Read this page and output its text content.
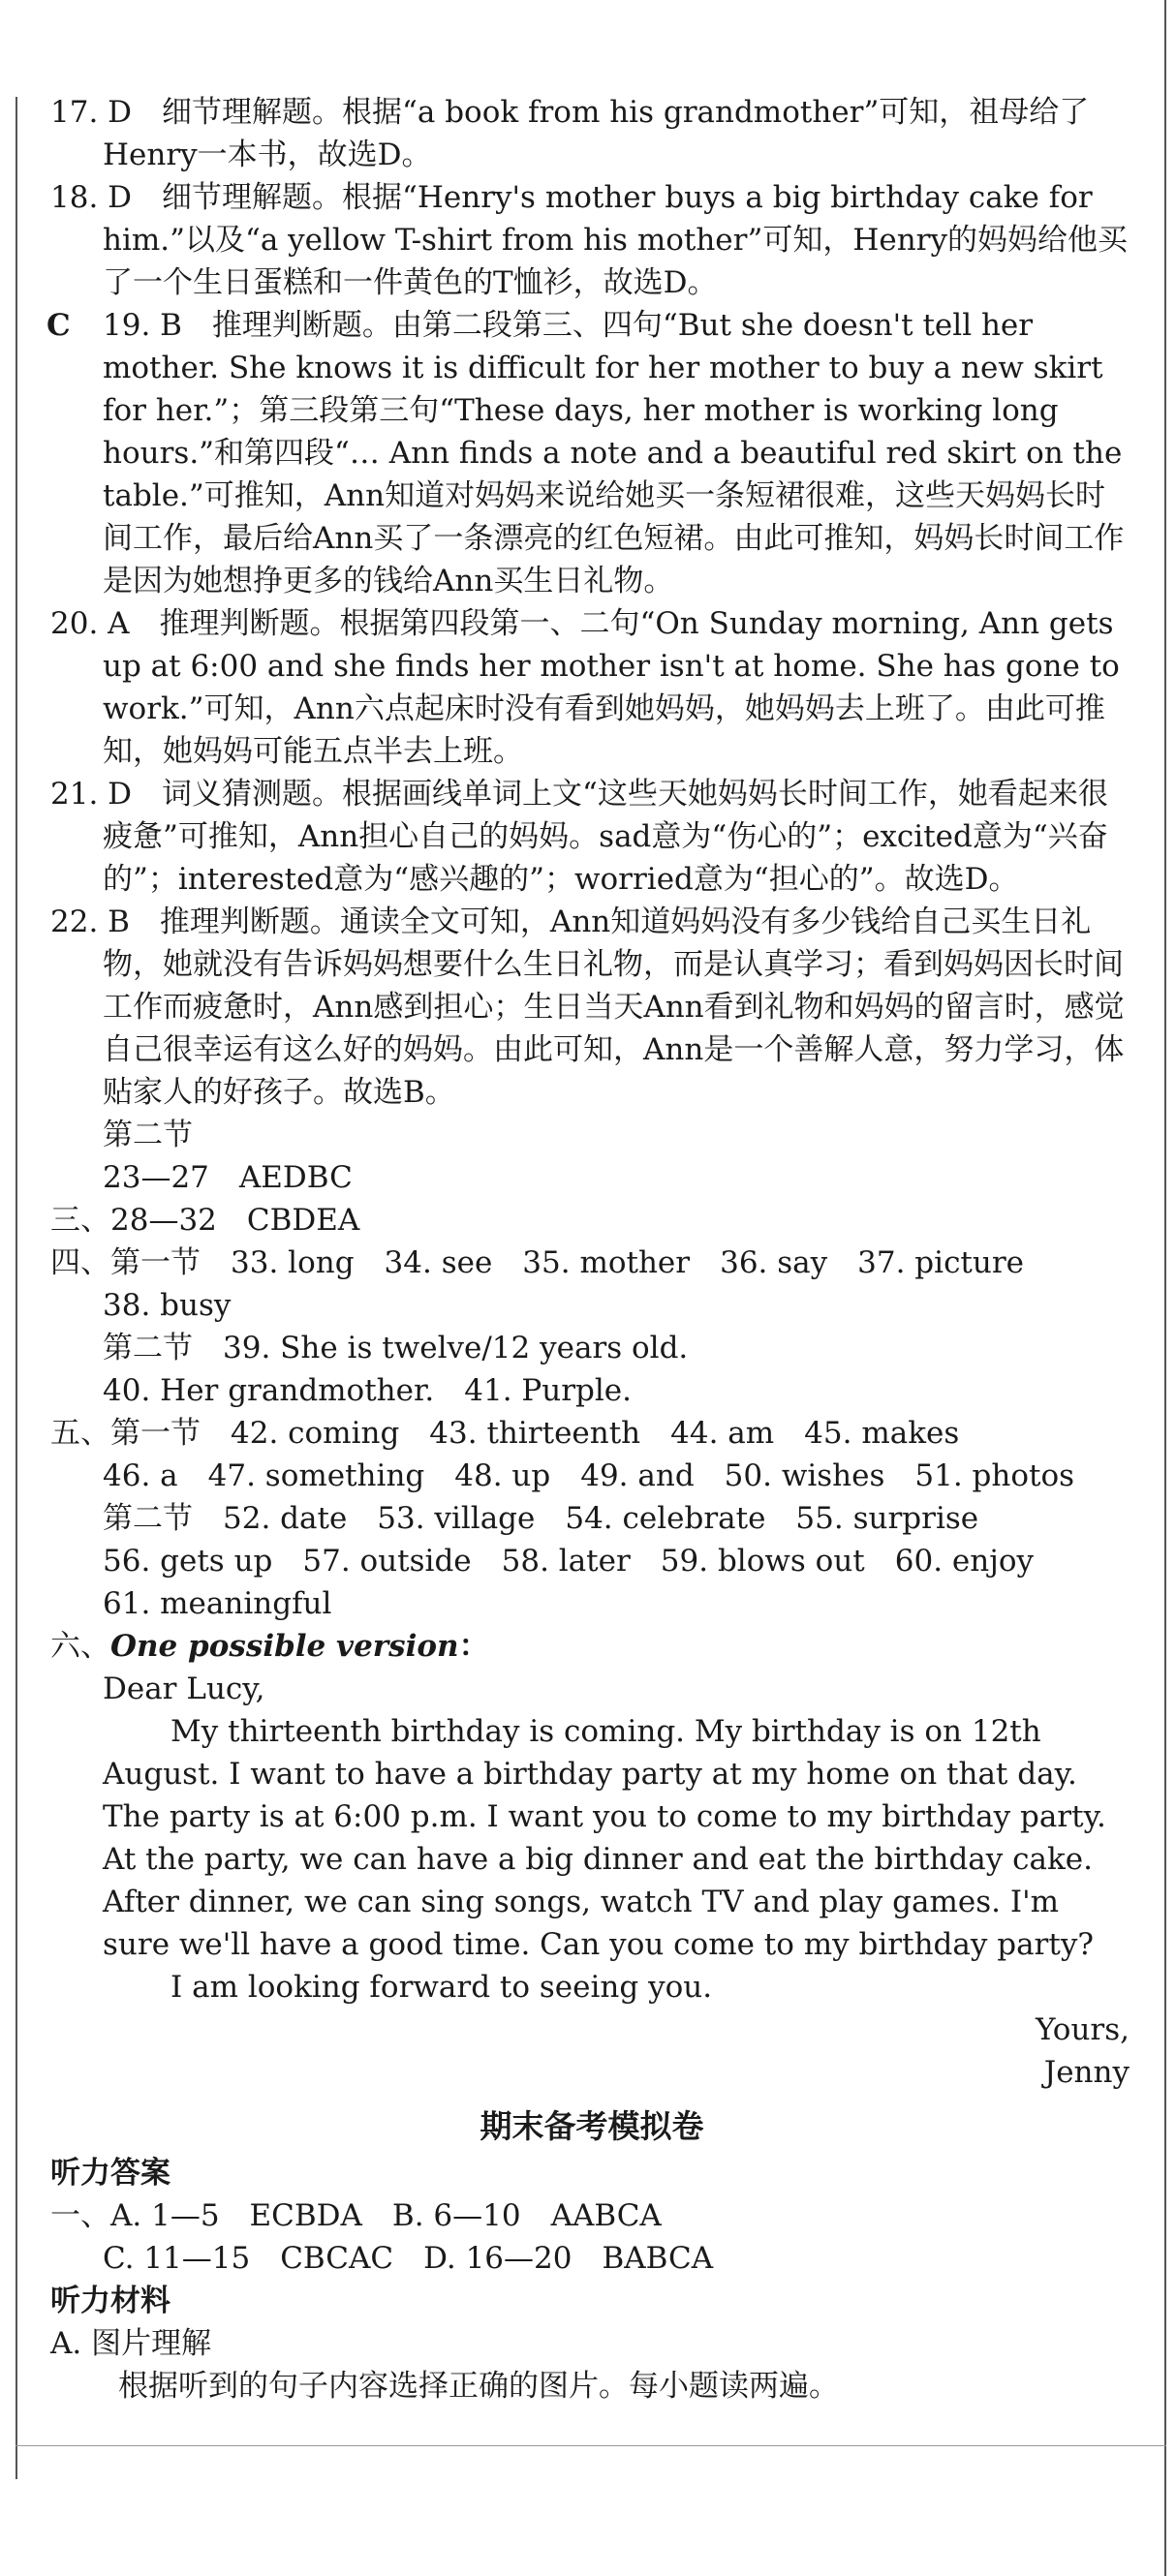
17. D　细节理解题。根据“a book from his grandmother”可知，祖母给了Henry一本书，故选D。
18. D　细节理解题。根据“Henry's mother buys a big birthday cake for him.”以及“a yellow T-shirt from his mother”可知，Henry的妈妈给他买了一个生日蛋糕和一件黄色的T恤衫，故选D。
C 19. B　推理判断题。由第二段第三、四句“But she doesn't tell her mother. She knows it is difficult for her mother to buy a new skirt for her.”；第三段第三句“These days, her mother is working long hours.”和第四段“… Ann finds a note and a beautiful red skirt on the table.”可推知，Ann知道对妈妈来说给她买一条短裙很难，这些天妈妈长时间工作，最后给Ann买了一条漂亮的红色短裙。由此可推知，妈妈长时间工作是因为她想挣更多的钱给Ann买生日礼物。
20. A　推理判断题。根据第四段第一、二句“On Sunday morning, Ann gets up at 6:00 and she finds her mother isn't at home. She has gone to work.”可知，Ann六点起床时没有看到她妈妈，她妈妈去上班了。由此可推知，她妈妈可能五点半去上班。
21. D　词义猜测题。根据画线单词上文“这些天她妈妈长时间工作，她看起来很疲惫”可推知，Ann担心自己的妈妈。sad意为“伤心的”；excited意为“兴奋的”；interested意为“感兴趣的”；worried意为“担心的”。故选D。
22. B　推理判断题。通读全文可知，Ann知道妈妈没有多少钱给自己买生日礼物，她就没有告诉妈妈想要什么生日礼物，而是认真学习；看到妈妈因长时间工作而疲惫时，Ann感到担心；生日当天Ann看到礼物和妈妈的留言时，感觉自己很幸运有这么好的妈妈。由此可知，Ann是一个善解人意，努力学习，体贴家人的好孩子。故选B。
第二节
23—27　AEDBC
三、28—32　CBDEA
四、第一节　33. long　34. see　35. mother　36. say　37. picture
38. busy
第二节　39. She is twelve/12 years old.
40. Her grandmother.　41. Purple.
五、第一节　42. coming　43. thirteenth　44. am　45. makes
46. a　47. something　48. up　49. and　50. wishes　51. photos
第二节　52. date　53. village　54. celebrate　55. surprise
56. gets up　57. outside　58. later　59. blows out　60. enjoy
61. meaningful
六、One possible version：
Dear Lucy,
My thirteenth birthday is coming. My birthday is on 12th August. I want to have a birthday party at my home on that day. The party is at 6:00 p.m. I want you to come to my birthday party. At the party, we can have a big dinner and eat the birthday cake. After dinner, we can sing songs, watch TV and play games. I'm sure we'll have a good time. Can you come to my birthday party?
I am looking forward to seeing you.
Yours,
Jenny
期末备考模拟卷
听力答案
一、A. 1—5　ECBDA　B. 6—10　AABCA
C. 11—15　CBCAC　D. 16—20　BABCA
听力材料
A. 图片理解
根据听到的句子内容选择正确的图片。每小题读两遍。
